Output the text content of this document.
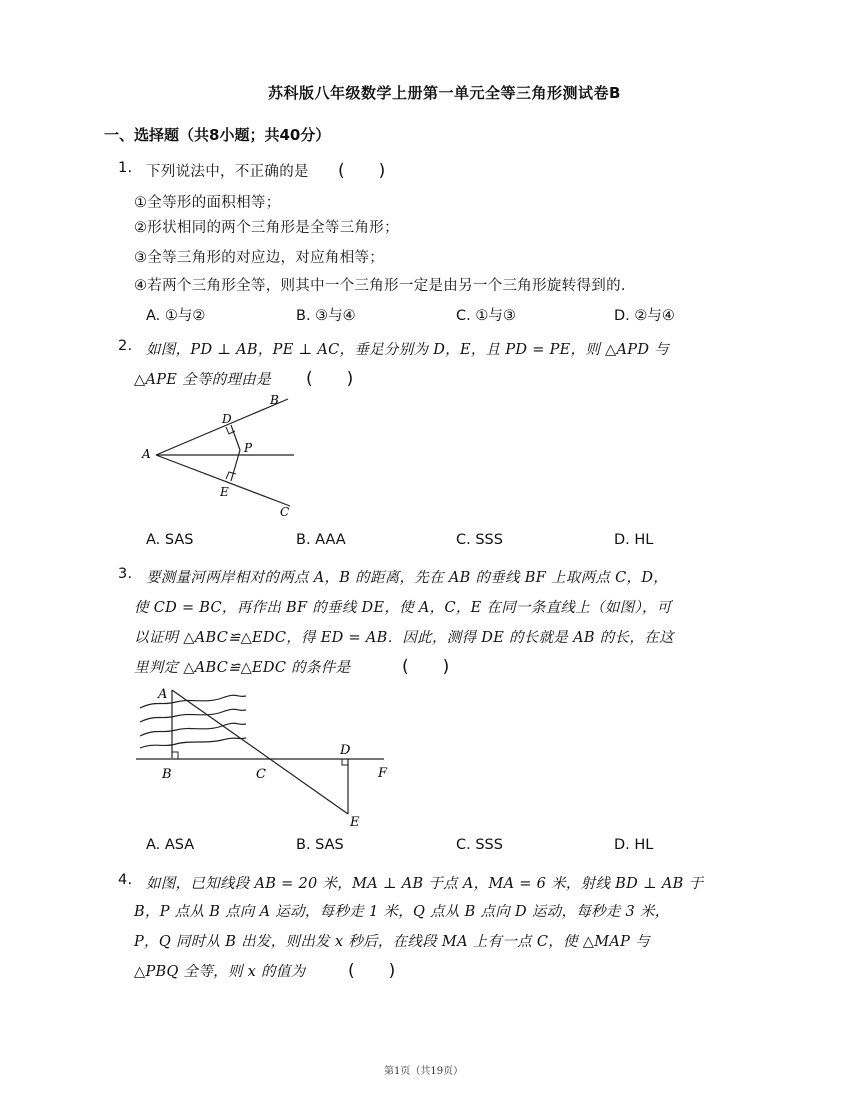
苏科版八年级数学上册第一单元全等三角形测试卷B
一、选择题（共8小题；共40分）
1. 下列说法中，不正确的是 (　　)
①全等形的面积相等；
②形状相同的两个三角形是全等三角形；
③全等三角形的对应边，对应角相等；
④若两个三角形全等，则其中一个三角形一定是由另一个三角形旋转得到的.
A. ①与②	B. ③与④	C. ①与③	D. ②与④
2. 如图，PD ⊥ AB，PE ⊥ AC，垂足分别为 D，E，且 PD = PE，则 △APD 与
△APE 全等的理由是 (　　)
A
B
C
D
E
P
A. SAS	B. AAA	C. SSS	D. HL
3. 要测量河两岸相对的两点 A，B 的距离，先在 AB 的垂线 BF 上取两点 C，D，
使 CD = BC，再作出 BF 的垂线 DE，使 A，C，E 在同一条直线上（如图），可
以证明 △ABC≌△EDC，得 ED = AB．因此，测得 DE 的长就是 AB 的长，在这
里判定 △ABC≌△EDC 的条件是	(　　)
A
B	C
D
E
F
A. ASA	B. SAS	C. SSS	D. HL
4. 如图，已知线段 AB = 20 米，MA ⊥ AB 于点 A，MA = 6 米，射线 BD ⊥ AB 于
B，P 点从 B 点向 A 运动，每秒走 1 米，Q 点从 B 点向 D 运动，每秒走 3 米，
P，Q 同时从 B 出发，则出发 x 秒后，在线段 MA 上有一点 C，使 △MAP 与
△PBQ 全等，则 x 的值为	(　　)
第1页（共19页）
